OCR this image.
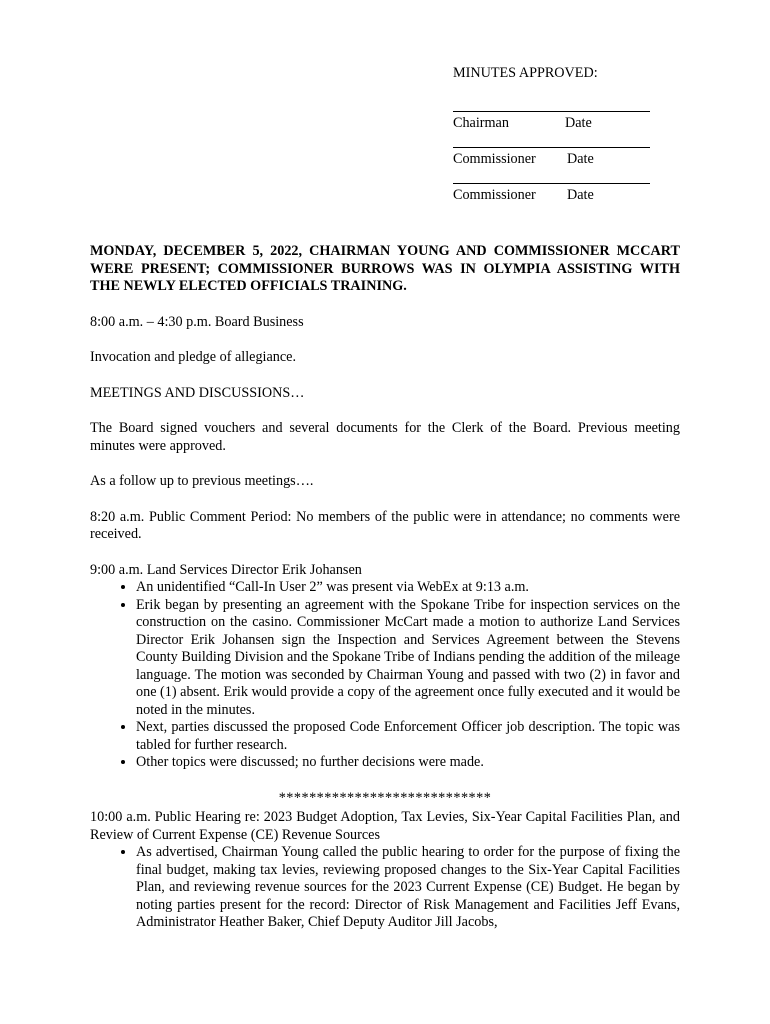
MINUTES APPROVED:
Chairman	Date
Commissioner Date
Commissioner Date

MONDAY, DECEMBER 5, 2022, CHAIRMAN YOUNG AND COMMISSIONER MCCART WERE PRESENT; COMMISSIONER BURROWS WAS IN OLYMPIA ASSISTING WITH THE NEWLY ELECTED OFFICIALS TRAINING.

8:00 a.m. – 4:30 p.m. Board Business

Invocation and pledge of allegiance.

MEETINGS AND DISCUSSIONS…

The Board signed vouchers and several documents for the Clerk of the Board. Previous meeting minutes were approved.

As a follow up to previous meetings….

8:20 a.m. Public Comment Period: No members of the public were in attendance; no comments were received.

9:00 a.m. Land Services Director Erik Johansen
• An unidentified “Call-In User 2” was present via WebEx at 9:13 a.m.
• Erik began by presenting an agreement with the Spokane Tribe for inspection services on the construction on the casino. Commissioner McCart made a motion to authorize Land Services Director Erik Johansen sign the Inspection and Services Agreement between the Stevens County Building Division and the Spokane Tribe of Indians pending the addition of the mileage language. The motion was seconded by Chairman Young and passed with two (2) in favor and one (1) absent. Erik would provide a copy of the agreement once fully executed and it would be noted in the minutes.
• Next, parties discussed the proposed Code Enforcement Officer job description. The topic was tabled for further research.
• Other topics were discussed; no further decisions were made.
****************************
10:00 a.m. Public Hearing re: 2023 Budget Adoption, Tax Levies, Six-Year Capital Facilities Plan, and Review of Current Expense (CE) Revenue Sources
• As advertised, Chairman Young called the public hearing to order for the purpose of fixing the final budget, making tax levies, reviewing proposed changes to the Six-Year Capital Facilities Plan, and reviewing revenue sources for the 2023 Current Expense (CE) Budget. He began by noting parties present for the record: Director of Risk Management and Facilities Jeff Evans, Administrator Heather Baker, Chief Deputy Auditor Jill Jacobs,
